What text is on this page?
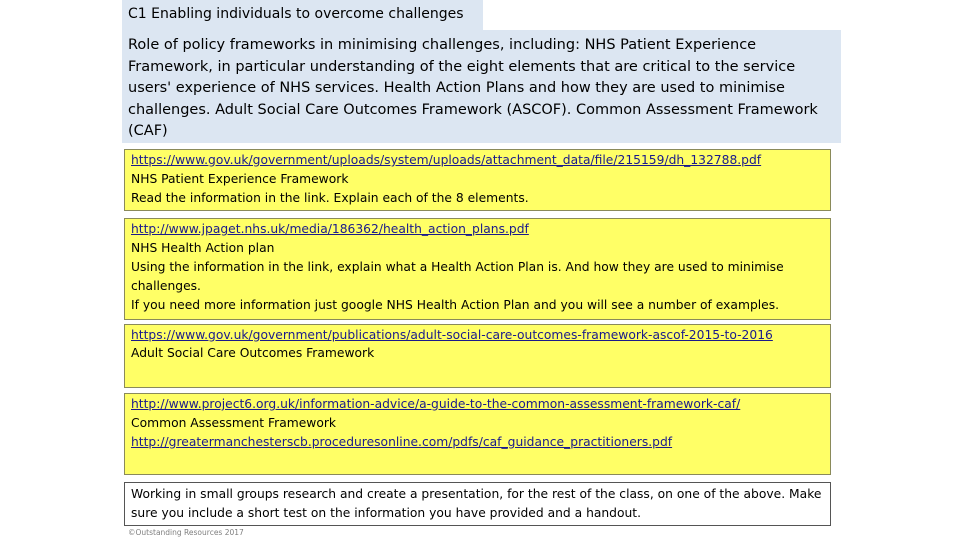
C1 Enabling individuals to overcome challenges
Role of policy frameworks in minimising challenges, including: NHS Patient Experience Framework, in particular understanding of the eight elements that are critical to the service users' experience of NHS services. Health Action Plans and how they are used to minimise challenges. Adult Social Care Outcomes Framework (ASCOF). Common Assessment Framework (CAF)
https://www.gov.uk/government/uploads/system/uploads/attachment_data/file/215159/dh_132788.pdf
NHS Patient Experience Framework
Read the information in the link. Explain each of the 8 elements.
http://www.jpaget.nhs.uk/media/186362/health_action_plans.pdf
NHS Health Action plan
Using the information in the link, explain what a Health Action Plan is. And how they are used to minimise challenges.
If you need more information just google NHS Health Action Plan and you will see a number of examples.
https://www.gov.uk/government/publications/adult-social-care-outcomes-framework-ascof-2015-to-2016
Adult Social Care Outcomes Framework
http://www.project6.org.uk/information-advice/a-guide-to-the-common-assessment-framework-caf/
Common Assessment Framework
http://greatermanchesterscb.proceduresonline.com/pdfs/caf_guidance_practitioners.pdf
Working in small groups research and create a presentation, for the rest of the class, on one of the above. Make sure you include a short test on the information you have provided and a handout.
©Outstanding Resources 2017
